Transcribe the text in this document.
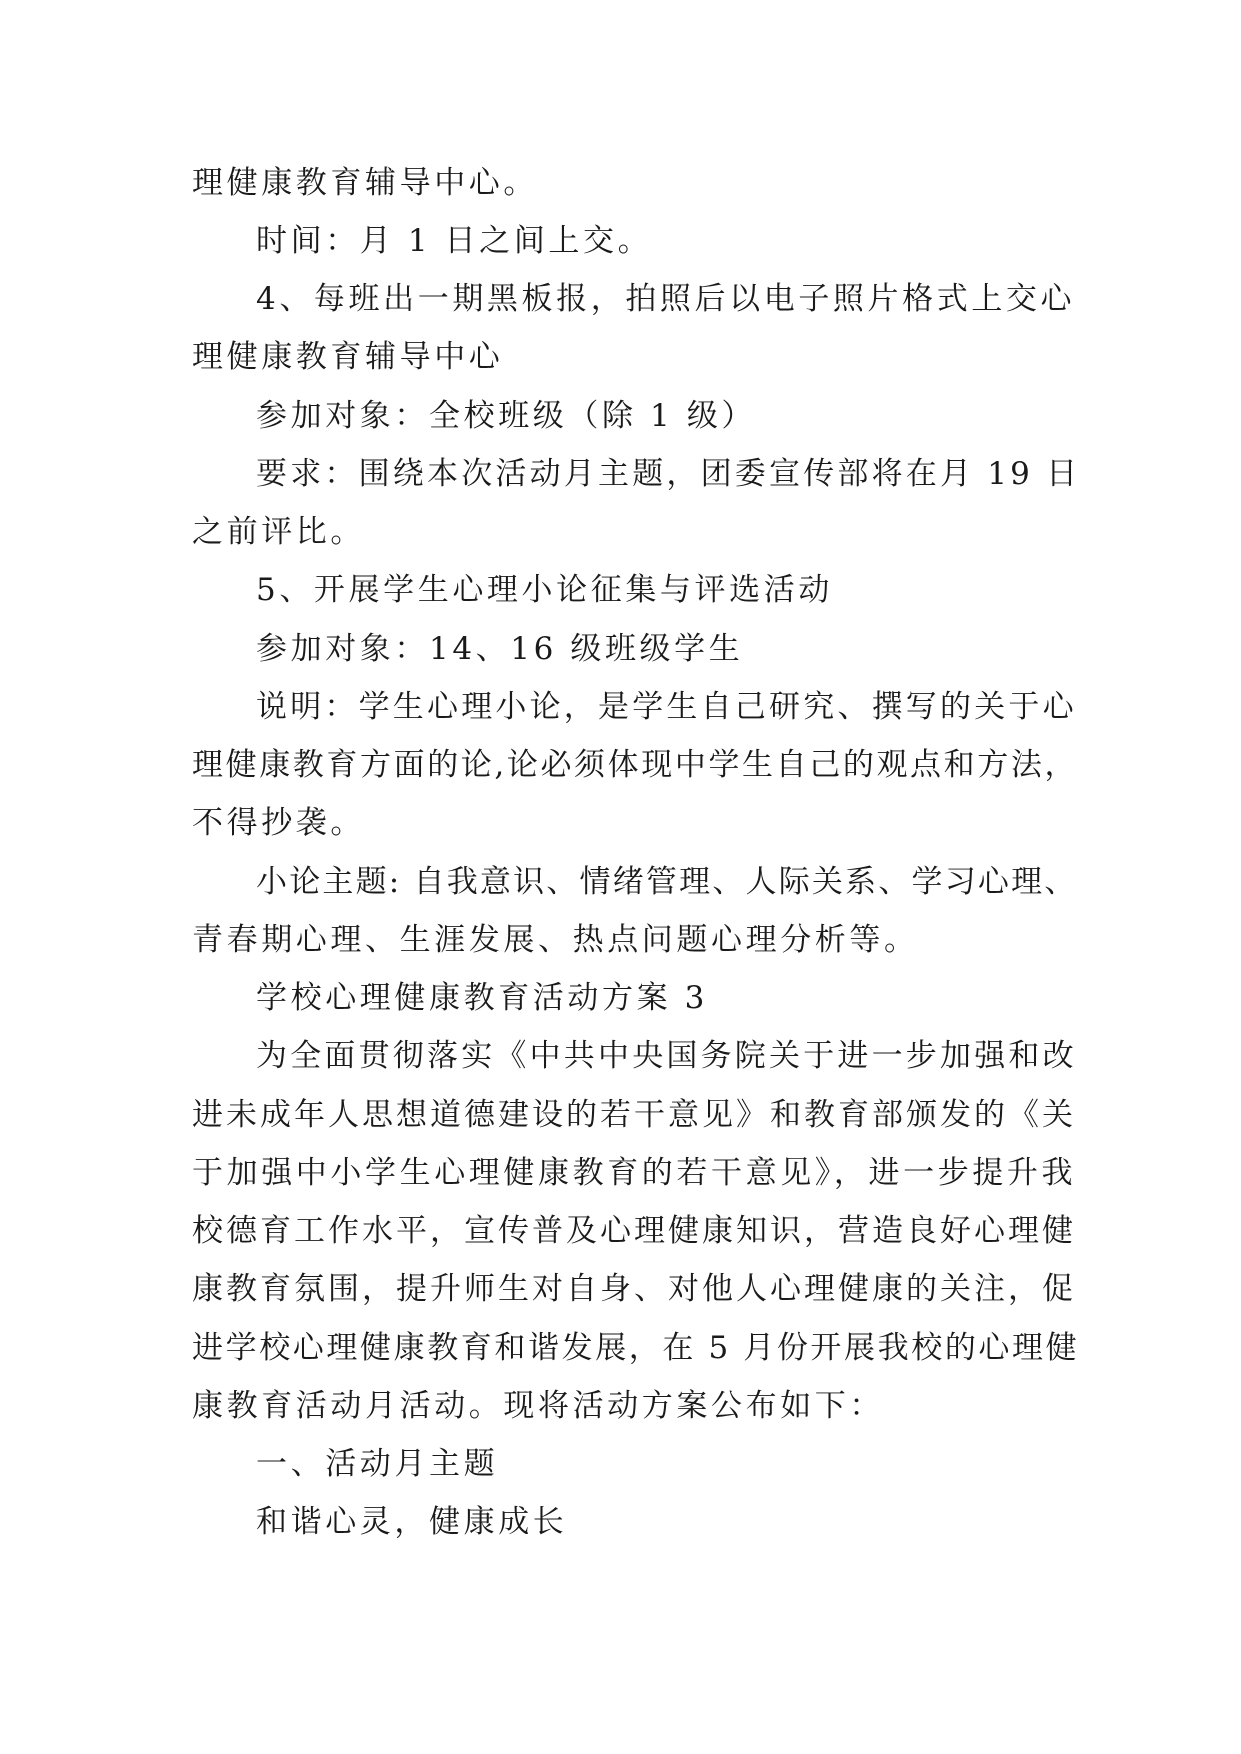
理健康教育辅导中心。
时间：月 1 日之间上交。
4、每班出一期黑板报，拍照后以电子照片格式上交心
理健康教育辅导中心
参加对象：全校班级（除 1 级）
要求：围绕本次活动月主题，团委宣传部将在月 19 日
之前评比。
5、开展学生心理小论征集与评选活动
参加对象：14、16 级班级学生
说明：学生心理小论，是学生自己研究、撰写的关于心
理健康教育方面的论,论必须体现中学生自己的观点和方法，
不得抄袭。
小论主题: 自我意识、情绪管理、人际关系、学习心理、
青春期心理、生涯发展、热点问题心理分析等。
学校心理健康教育活动方案 3
为全面贯彻落实《中共中央国务院关于进一步加强和改
进未成年人思想道德建设的若干意见》和教育部颁发的《关
于加强中小学生心理健康教育的若干意见》，进一步提升我
校德育工作水平，宣传普及心理健康知识，营造良好心理健
康教育氛围，提升师生对自身、对他人心理健康的关注，促
进学校心理健康教育和谐发展，在 5 月份开展我校的心理健
康教育活动月活动。现将活动方案公布如下：
一、活动月主题
和谐心灵，健康成长
